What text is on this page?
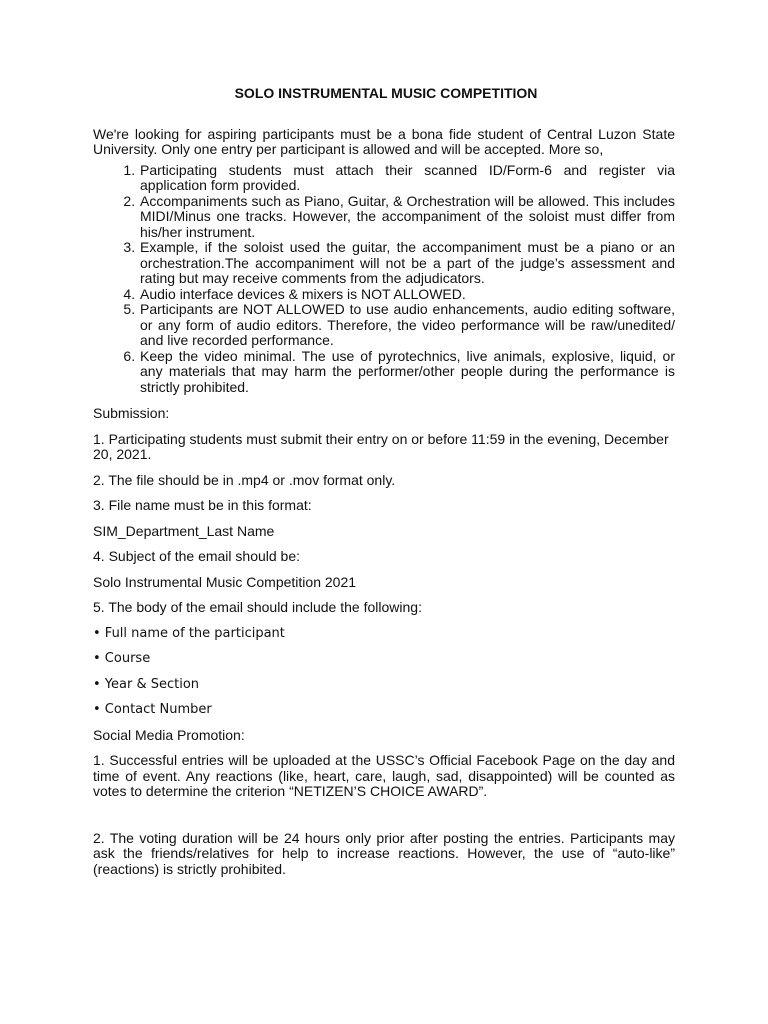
SOLO INSTRUMENTAL MUSIC COMPETITION

We're looking for aspiring participants must be a bona fide student of Central Luzon State University. Only one entry per participant is allowed and will be accepted. More so,

1. Participating students must attach their scanned ID/Form-6 and register via application form provided.
2. Accompaniments such as Piano, Guitar, & Orchestration will be allowed. This includes MIDI/Minus one tracks. However, the accompaniment of the soloist must differ from his/her instrument.
3. Example, if the soloist used the guitar, the accompaniment must be a piano or an orchestration.The accompaniment will not be a part of the judge’s assessment and rating but may receive comments from the adjudicators.
4. Audio interface devices & mixers is NOT ALLOWED.
5. Participants are NOT ALLOWED to use audio enhancements, audio editing software, or any form of audio editors. Therefore, the video performance will be raw/unedited/ and live recorded performance.
6. Keep the video minimal. The use of pyrotechnics, live animals, explosive, liquid, or any materials that may harm the performer/other people during the performance is strictly prohibited.

Submission:

1. Participating students must submit their entry on or before 11:59 in the evening, December 20, 2021.

2. The file should be in .mp4 or .mov format only.

3. File name must be in this format:

SIM_Department_Last Name

4. Subject of the email should be:

Solo Instrumental Music Competition 2021

5. The body of the email should include the following:

• Full name of the participant

• Course

• Year & Section

• Contact Number

Social Media Promotion:

1. Successful entries will be uploaded at the USSC’s Official Facebook Page on the day and time of event. Any reactions (like, heart, care, laugh, sad, disappointed) will be counted as votes to determine the criterion “NETIZEN’S CHOICE AWARD”.

2. The voting duration will be 24 hours only prior after posting the entries. Participants may ask the friends/relatives for help to increase reactions. However, the use of “auto-like” (reactions) is strictly prohibited.
